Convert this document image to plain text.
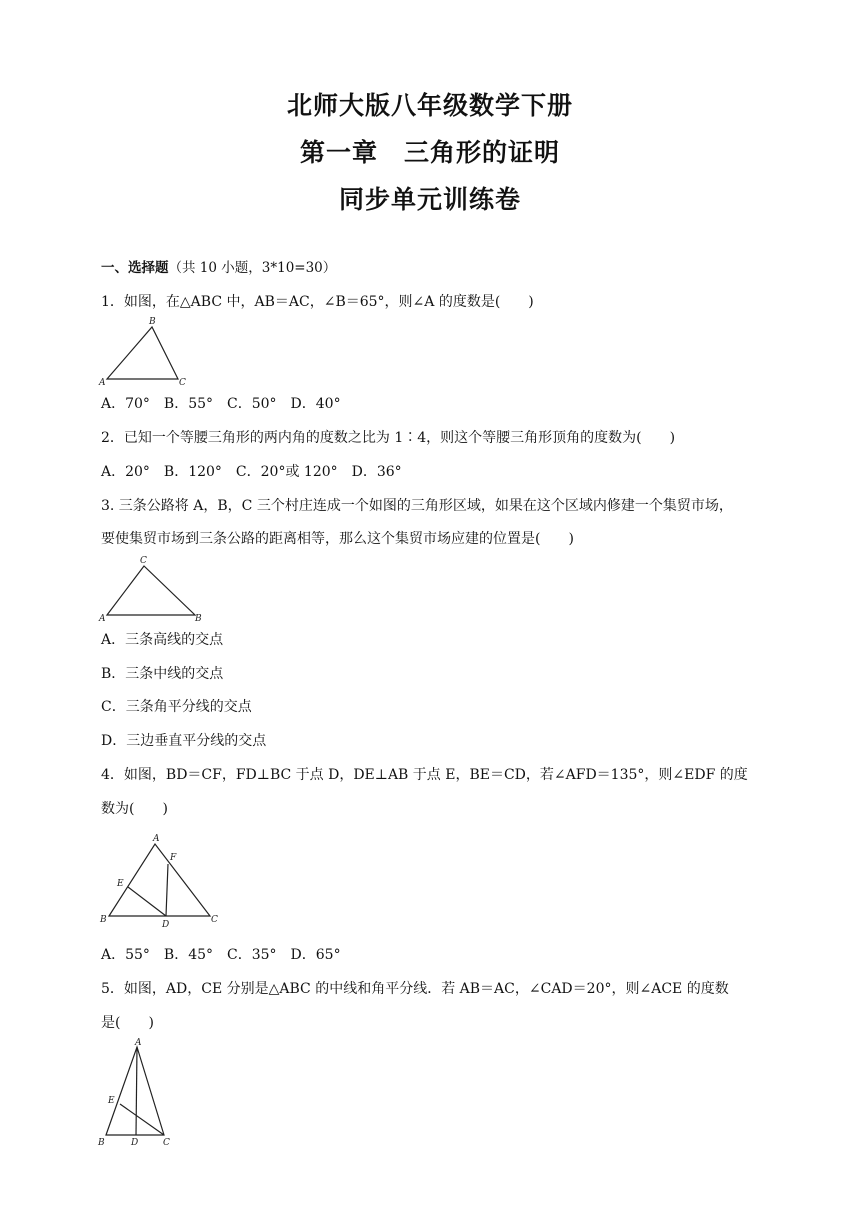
北师大版八年级数学下册
第一章　三角形的证明
同步单元训练卷
一、选择题（共 10 小题，3*10=30）
1．如图，在△ABC 中，AB＝AC，∠B＝65°，则∠A 的度数是(　　)
B
A	C
A．70°　B．55°　C．50°　D．40°
2．已知一个等腰三角形的两内角的度数之比为 1∶4，则这个等腰三角形顶角的度数为(　　)
A．20°　B．120°　C．20°或 120°　D．36°
3. 三条公路将 A，B，C 三个村庄连成一个如图的三角形区域，如果在这个区域内修建一个集贸市场，
要使集贸市场到三条公路的距离相等，那么这个集贸市场应建的位置是(　　)
C
A	B
A．三条高线的交点
B．三条中线的交点
C．三条角平分线的交点
D．三边垂直平分线的交点
4．如图，BD＝CF，FD⊥BC 于点 D，DE⊥AB 于点 E，BE＝CD，若∠AFD＝135°，则∠EDF 的度
数为(　　)
A
F
E
B	D	C
A．55°　B．45°　C．35°　D．65°
5．如图，AD，CE 分别是△ABC 的中线和角平分线．若 AB＝AC，∠CAD＝20°，则∠ACE 的度数
是(　　)
A
E
B	D	C
